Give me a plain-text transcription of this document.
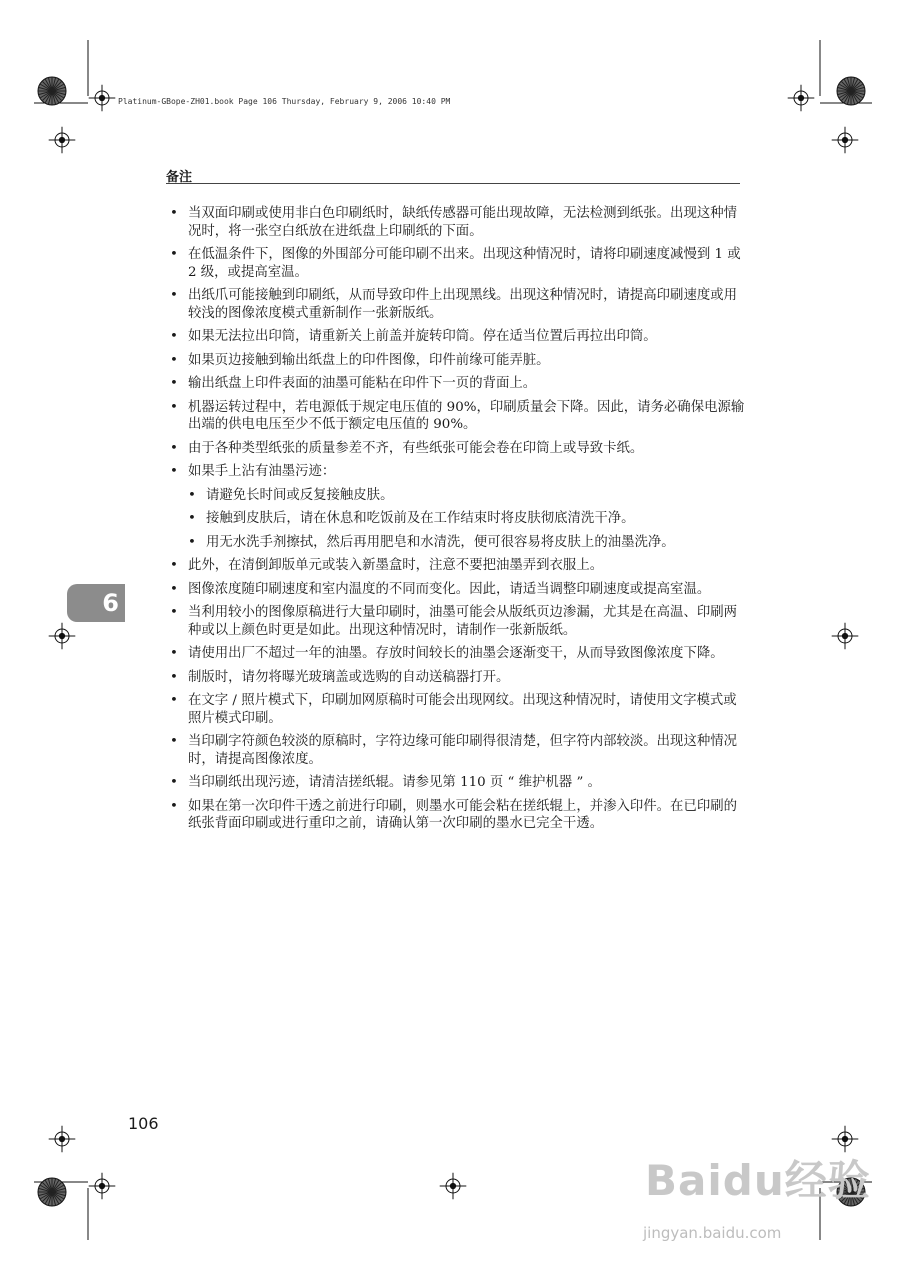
Platinum-GBope-ZH01.book Page 106 Thursday, February 9, 2006 10:40 PM
备注
• 当双面印刷或使用非白色印刷纸时，缺纸传感器可能出现故障，无法检测到纸张。出现这种情况时，将一张空白纸放在进纸盘上印刷纸的下面。
• 在低温条件下，图像的外围部分可能印刷不出来。出现这种情况时，请将印刷速度减慢到 1 或 2 级，或提高室温。
• 出纸爪可能接触到印刷纸，从而导致印件上出现黑线。出现这种情况时，请提高印刷速度或用较浅的图像浓度模式重新制作一张新版纸。
• 如果无法拉出印筒，请重新关上前盖并旋转印筒。停在适当位置后再拉出印筒。
• 如果页边接触到输出纸盘上的印件图像，印件前缘可能弄脏。
• 输出纸盘上印件表面的油墨可能粘在印件下一页的背面上。
• 机器运转过程中，若电源低于规定电压值的 90%，印刷质量会下降。因此，请务必确保电源输出端的供电电压至少不低于额定电压值的 90%。
• 由于各种类型纸张的质量参差不齐，有些纸张可能会卷在印筒上或导致卡纸。
• 如果手上沾有油墨污迹：
• 请避免长时间或反复接触皮肤。
• 接触到皮肤后，请在休息和吃饭前及在工作结束时将皮肤彻底清洗干净。
• 用无水洗手剂擦拭，然后再用肥皂和水清洗，便可很容易将皮肤上的油墨洗净。
• 此外，在清倒卸版单元或装入新墨盒时，注意不要把油墨弄到衣服上。
• 图像浓度随印刷速度和室内温度的不同而变化。因此，请适当调整印刷速度或提高室温。
• 当利用较小的图像原稿进行大量印刷时，油墨可能会从版纸页边渗漏，尤其是在高温、印刷两种或以上颜色时更是如此。出现这种情况时，请制作一张新版纸。
• 请使用出厂不超过一年的油墨。存放时间较长的油墨会逐渐变干，从而导致图像浓度下降。
• 制版时，请勿将曝光玻璃盖或选购的自动送稿器打开。
• 在文字 / 照片模式下，印刷加网原稿时可能会出现网纹。出现这种情况时，请使用文字模式或照片模式印刷。
• 当印刷字符颜色较淡的原稿时，字符边缘可能印刷得很清楚，但字符内部较淡。出现这种情况时，请提高图像浓度。
• 当印刷纸出现污迹，请清洁搓纸辊。请参见第 110 页 “ 维护机器 ” 。
• 如果在第一次印件干透之前进行印刷，则墨水可能会粘在搓纸辊上，并渗入印件。在已印刷的纸张背面印刷或进行重印之前，请确认第一次印刷的墨水已完全干透。
6
106
Baidu经验
jingyan.baidu.com
